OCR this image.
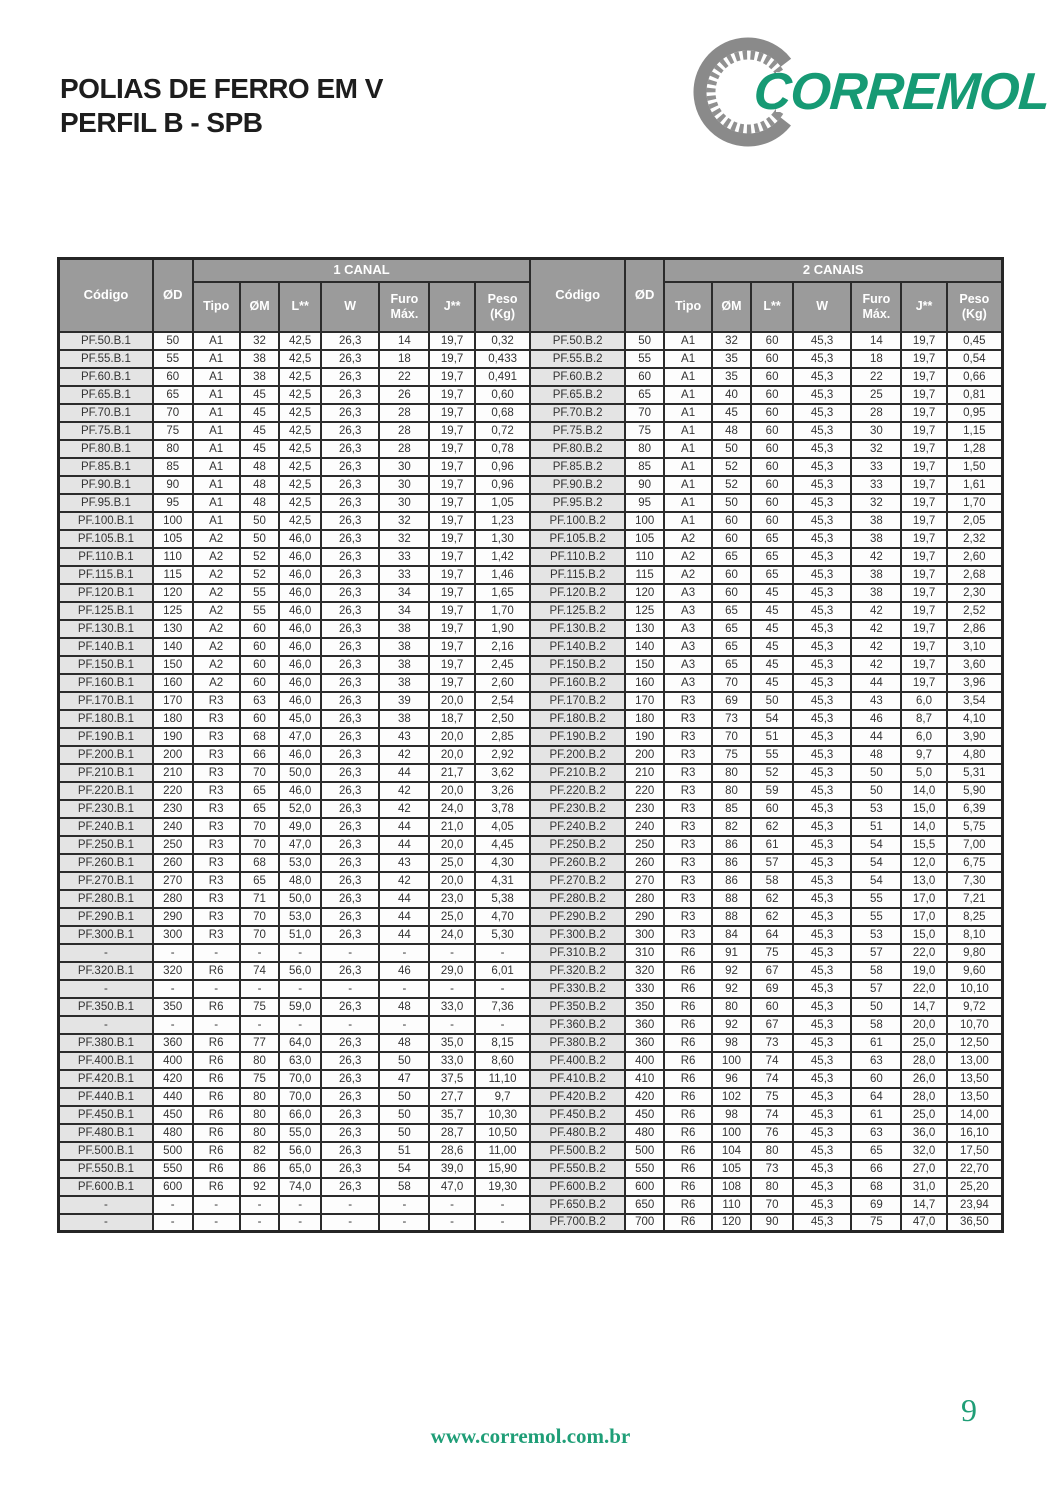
POLIAS DE FERRO EM V
PERFIL B - SPB
CORREMOL
Código	ØD	1 CANAL							Código	ØD	2 CANAIS						
		Tipo	ØM	L**	W	Furo Máx.	J**	Peso (Kg)			Tipo	ØM	L**	W	Furo Máx.	J**	Peso (Kg)
PF.50.B.1	50	A1	32	42,5	26,3	14	19,7	0,32	PF.50.B.2	50	A1	32	60	45,3	14	19,7	0,45
PF.55.B.1	55	A1	38	42,5	26,3	18	19,7	0,433	PF.55.B.2	55	A1	35	60	45,3	18	19,7	0,54
PF.60.B.1	60	A1	38	42,5	26,3	22	19,7	0,491	PF.60.B.2	60	A1	35	60	45,3	22	19,7	0,66
PF.65.B.1	65	A1	45	42,5	26,3	26	19,7	0,60	PF.65.B.2	65	A1	40	60	45,3	25	19,7	0,81
PF.70.B.1	70	A1	45	42,5	26,3	28	19,7	0,68	PF.70.B.2	70	A1	45	60	45,3	28	19,7	0,95
PF.75.B.1	75	A1	45	42,5	26,3	28	19,7	0,72	PF.75.B.2	75	A1	48	60	45,3	30	19,7	1,15
PF.80.B.1	80	A1	45	42,5	26,3	28	19,7	0,78	PF.80.B.2	80	A1	50	60	45,3	32	19,7	1,28
PF.85.B.1	85	A1	48	42,5	26,3	30	19,7	0,96	PF.85.B.2	85	A1	52	60	45,3	33	19,7	1,50
PF.90.B.1	90	A1	48	42,5	26,3	30	19,7	0,96	PF.90.B.2	90	A1	52	60	45,3	33	19,7	1,61
PF.95.B.1	95	A1	48	42,5	26,3	30	19,7	1,05	PF.95.B.2	95	A1	50	60	45,3	32	19,7	1,70
PF.100.B.1	100	A1	50	42,5	26,3	32	19,7	1,23	PF.100.B.2	100	A1	60	60	45,3	38	19,7	2,05
PF.105.B.1	105	A2	50	46,0	26,3	32	19,7	1,30	PF.105.B.2	105	A2	60	65	45,3	38	19,7	2,32
PF.110.B.1	110	A2	52	46,0	26,3	33	19,7	1,42	PF.110.B.2	110	A2	65	65	45,3	42	19,7	2,60
PF.115.B.1	115	A2	52	46,0	26,3	33	19,7	1,46	PF.115.B.2	115	A2	60	65	45,3	38	19,7	2,68
PF.120.B.1	120	A2	55	46,0	26,3	34	19,7	1,65	PF.120.B.2	120	A3	60	45	45,3	38	19,7	2,30
PF.125.B.1	125	A2	55	46,0	26,3	34	19,7	1,70	PF.125.B.2	125	A3	65	45	45,3	42	19,7	2,52
PF.130.B.1	130	A2	60	46,0	26,3	38	19,7	1,90	PF.130.B.2	130	A3	65	45	45,3	42	19,7	2,86
PF.140.B.1	140	A2	60	46,0	26,3	38	19,7	2,16	PF.140.B.2	140	A3	65	45	45,3	42	19,7	3,10
PF.150.B.1	150	A2	60	46,0	26,3	38	19,7	2,45	PF.150.B.2	150	A3	65	45	45,3	42	19,7	3,60
PF.160.B.1	160	A2	60	46,0	26,3	38	19,7	2,60	PF.160.B.2	160	A3	70	45	45,3	44	19,7	3,96
PF.170.B.1	170	R3	63	46,0	26,3	39	20,0	2,54	PF.170.B.2	170	R3	69	50	45,3	43	6,0	3,54
PF.180.B.1	180	R3	60	45,0	26,3	38	18,7	2,50	PF.180.B.2	180	R3	73	54	45,3	46	8,7	4,10
PF.190.B.1	190	R3	68	47,0	26,3	43	20,0	2,85	PF.190.B.2	190	R3	70	51	45,3	44	6,0	3,90
PF.200.B.1	200	R3	66	46,0	26,3	42	20,0	2,92	PF.200.B.2	200	R3	75	55	45,3	48	9,7	4,80
PF.210.B.1	210	R3	70	50,0	26,3	44	21,7	3,62	PF.210.B.2	210	R3	80	52	45,3	50	5,0	5,31
PF.220.B.1	220	R3	65	46,0	26,3	42	20,0	3,26	PF.220.B.2	220	R3	80	59	45,3	50	14,0	5,90
PF.230.B.1	230	R3	65	52,0	26,3	42	24,0	3,78	PF.230.B.2	230	R3	85	60	45,3	53	15,0	6,39
PF.240.B.1	240	R3	70	49,0	26,3	44	21,0	4,05	PF.240.B.2	240	R3	82	62	45,3	51	14,0	5,75
PF.250.B.1	250	R3	70	47,0	26,3	44	20,0	4,45	PF.250.B.2	250	R3	86	61	45,3	54	15,5	7,00
PF.260.B.1	260	R3	68	53,0	26,3	43	25,0	4,30	PF.260.B.2	260	R3	86	57	45,3	54	12,0	6,75
PF.270.B.1	270	R3	65	48,0	26,3	42	20,0	4,31	PF.270.B.2	270	R3	86	58	45,3	54	13,0	7,30
PF.280.B.1	280	R3	71	50,0	26,3	44	23,0	5,38	PF.280.B.2	280	R3	88	62	45,3	55	17,0	7,21
PF.290.B.1	290	R3	70	53,0	26,3	44	25,0	4,70	PF.290.B.2	290	R3	88	62	45,3	55	17,0	8,25
PF.300.B.1	300	R3	70	51,0	26,3	44	24,0	5,30	PF.300.B.2	300	R3	84	64	45,3	53	15,0	8,10
-	-	-	-	-	-	-	-	-	PF.310.B.2	310	R6	91	75	45,3	57	22,0	9,80
PF.320.B.1	320	R6	74	56,0	26,3	46	29,0	6,01	PF.320.B.2	320	R6	92	67	45,3	58	19,0	9,60
-	-	-	-	-	-	-	-	-	PF.330.B.2	330	R6	92	69	45,3	57	22,0	10,10
PF.350.B.1	350	R6	75	59,0	26,3	48	33,0	7,36	PF.350.B.2	350	R6	80	60	45,3	50	14,7	9,72
-	-	-	-	-	-	-	-	-	PF.360.B.2	360	R6	92	67	45,3	58	20,0	10,70
PF.380.B.1	360	R6	77	64,0	26,3	48	35,0	8,15	PF.380.B.2	360	R6	98	73	45,3	61	25,0	12,50
PF.400.B.1	400	R6	80	63,0	26,3	50	33,0	8,60	PF.400.B.2	400	R6	100	74	45,3	63	28,0	13,00
PF.420.B.1	420	R6	75	70,0	26,3	47	37,5	11,10	PF.410.B.2	410	R6	96	74	45,3	60	26,0	13,50
PF.440.B.1	440	R6	80	70,0	26,3	50	27,7	9,7	PF.420.B.2	420	R6	102	75	45,3	64	28,0	13,50
PF.450.B.1	450	R6	80	66,0	26,3	50	35,7	10,30	PF.450.B.2	450	R6	98	74	45,3	61	25,0	14,00
PF.480.B.1	480	R6	80	55,0	26,3	50	28,7	10,50	PF.480.B.2	480	R6	100	76	45,3	63	36,0	16,10
PF.500.B.1	500	R6	82	56,0	26,3	51	28,6	11,00	PF.500.B.2	500	R6	104	80	45,3	65	32,0	17,50
PF.550.B.1	550	R6	86	65,0	26,3	54	39,0	15,90	PF.550.B.2	550	R6	105	73	45,3	66	27,0	22,70
PF.600.B.1	600	R6	92	74,0	26,3	58	47,0	19,30	PF.600.B.2	600	R6	108	80	45,3	68	31,0	25,20
-	-	-	-	-	-	-	-	-	PF.650.B.2	650	R6	110	70	45,3	69	14,7	23,94
-	-	-	-	-	-	-	-	-	PF.700.B.2	700	R6	120	90	45,3	75	47,0	36,50
www.corremol.com.br
9
